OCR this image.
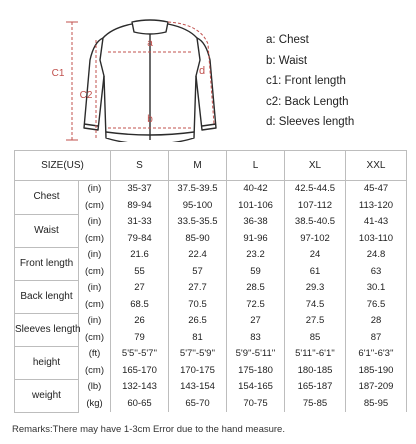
a
b
C1
C2
d
a: Chest
b: Waist
c1: Front length
c2: Back Length
d: Sleeves length
SIZE(US)		S	M	L	XL	XXL
Chest	(in)	35-37	37.5-39.5	40-42	42.5-44.5	45-47
	(cm)	89-94	95-100	101-106	107-112	113-120
Waist	(in)	31-33	33.5-35.5	36-38	38.5-40.5	41-43
	(cm)	79-84	85-90	91-96	97-102	103-110
Front length	(in)	21.6	22.4	23.2	24	24.8
	(cm)	55	57	59	61	63
Back lenght	(in)	27	27.7	28.5	29.3	30.1
	(cm)	68.5	70.5	72.5	74.5	76.5
Sleeves length	(in)	26	26.5	27	27.5	28
	(cm)	79	81	83	85	87
height	(ft)	5'5''-5'7''	5'7''-5'9''	5'9''-5'11''	5'11''-6'1''	6'1''-6'3''
	(cm)	165-170	170-175	175-180	180-185	185-190
weight	(lb)	132-143	143-154	154-165	165-187	187-209
	(kg)	60-65	65-70	70-75	75-85	85-95
Remarks:There may have 1-3cm Error due to the hand measure.
